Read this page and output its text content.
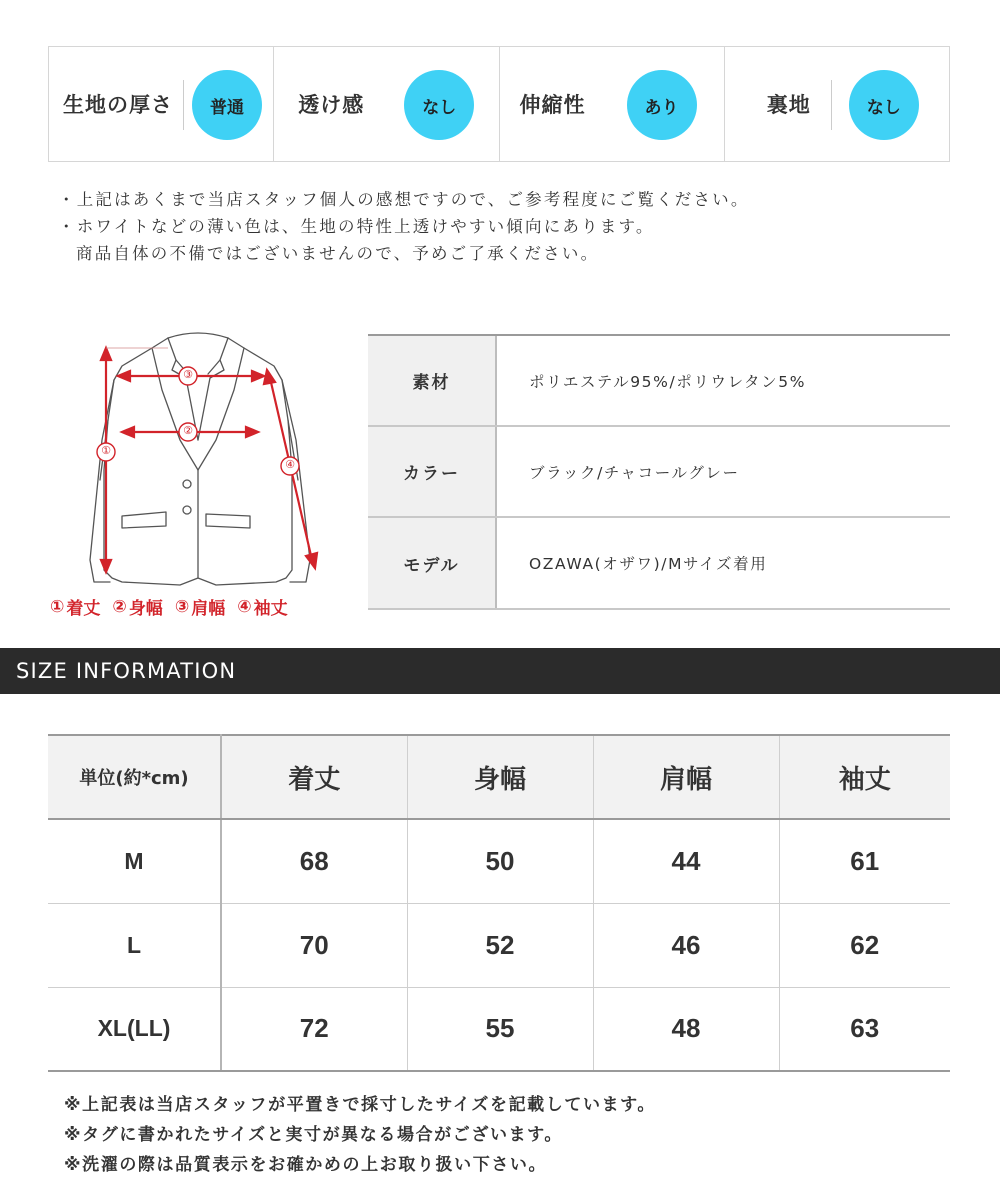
生地の厚さ	普通	透け感	なし	伸縮性	あり	裏地	なし
・上記はあくまで当店スタッフ個人の感想ですので、ご参考程度にご覧ください。
・ホワイトなどの薄い色は、生地の特性上透けやすい傾向にあります。
商品自体の不備ではございませんので、予めご了承ください。
①
②
③
④
① 着丈 ② 身幅 ③ 肩幅 ④ 袖丈
素材	ポリエステル95%/ポリウレタン5%
カラー	ブラック/チャコールグレー
モデル	OZAWA(オザワ)/Mサイズ着用
SIZE INFORMATION
単位(約*cm)	着丈	身幅	肩幅	袖丈
M	68	50	44	61
L	70	52	46	62
XL(LL)	72	55	48	63
※上記表は当店スタッフが平置きで採寸したサイズを記載しています。
※タグに書かれたサイズと実寸が異なる場合がございます。
※洗濯の際は品質表示をお確かめの上お取り扱い下さい。
